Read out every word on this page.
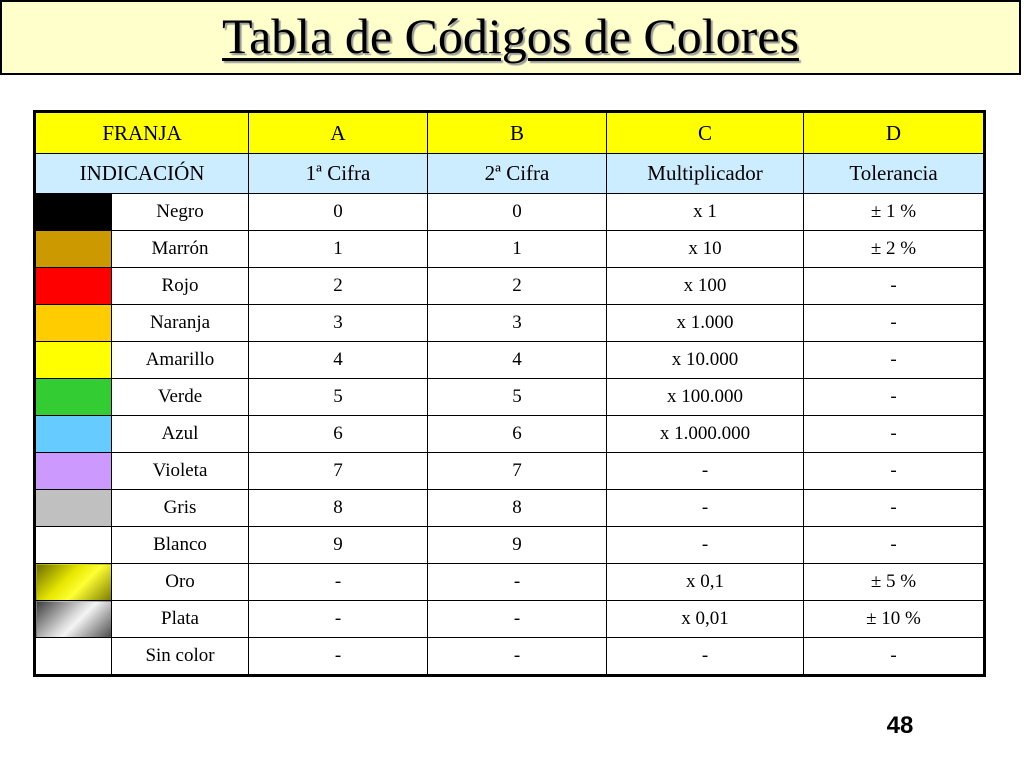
Tabla de Códigos de Colores
FRANJA		A	B	C	D
INDICACIÓN		1ª Cifra	2ª Cifra	Multiplicador	Tolerancia
	Negro	0	0	x 1	± 1 %
	Marrón	1	1	x 10	± 2 %
	Rojo	2	2	x 100	-
	Naranja	3	3	x 1.000	-
	Amarillo	4	4	x 10.000	-
	Verde	5	5	x 100.000	-
	Azul	6	6	x 1.000.000	-
	Violeta	7	7	-	-
	Gris	8	8	-	-
	Blanco	9	9	-	-
	Oro	-	-	x 0,1	± 5 %
	Plata	-	-	x 0,01	± 10 %
	Sin color	-	-	-	-
48
